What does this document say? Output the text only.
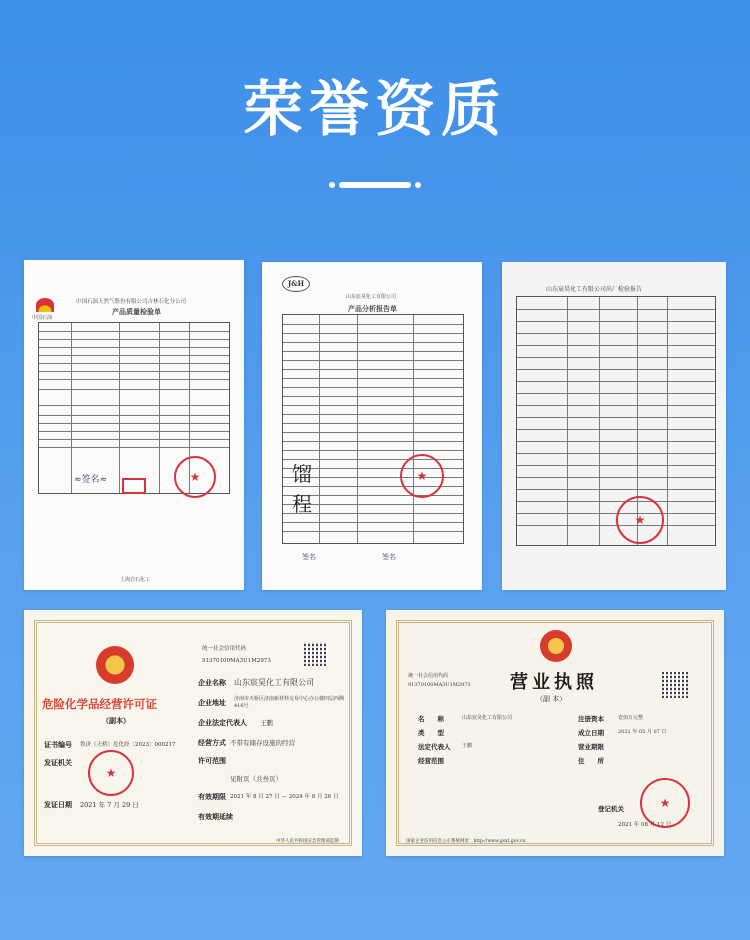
荣誉资质
中国石油
中国石油天然气股份有限公司吉林石化分公司
产品质量检验单
≈签名≈
★
上海岩石化工
J&H
山东宸昊化工有限公司
产品分析报告单
馏
程
★
签名	签名
山东宸昊化工有限公司出厂检验报告
★
危险化学品经营许可证
（副本）
统一社会信用代码
91370100MA3U1M2973
企业名称 山东宸昊化工有限公司
企业地址 济南市天桥区济南新材料交易中心办公楼四层西侧416号
企业法定代表人 王鹏
证书编号 鲁济（天桥）危化经〔2023〕000217	经营方式 不带有储存设施的经营
发证机关	许可范围
见附页（共叁页）
★
有效期限 2021 年 8 月 27 日 — 2024 年 8 月 26 日
发证日期 2021 年 7 月 29 日
有效期延续
中华人民共和国应急管理部监制
统一社会信用代码
91370100MA3U1M2973 营业执照
（副 本）
名　　称	山东宸昊化工有限公司
类　　型
法定代表人 王鹏
经营范围
注册资本	壹佰万元整
成立日期	2021 年 05 月 07 日
营业期限
住　　所
登记机关
★
2021 年 08 月 12 日
国家企业信用信息公示系统网址：http://www.gsxt.gov.cn
